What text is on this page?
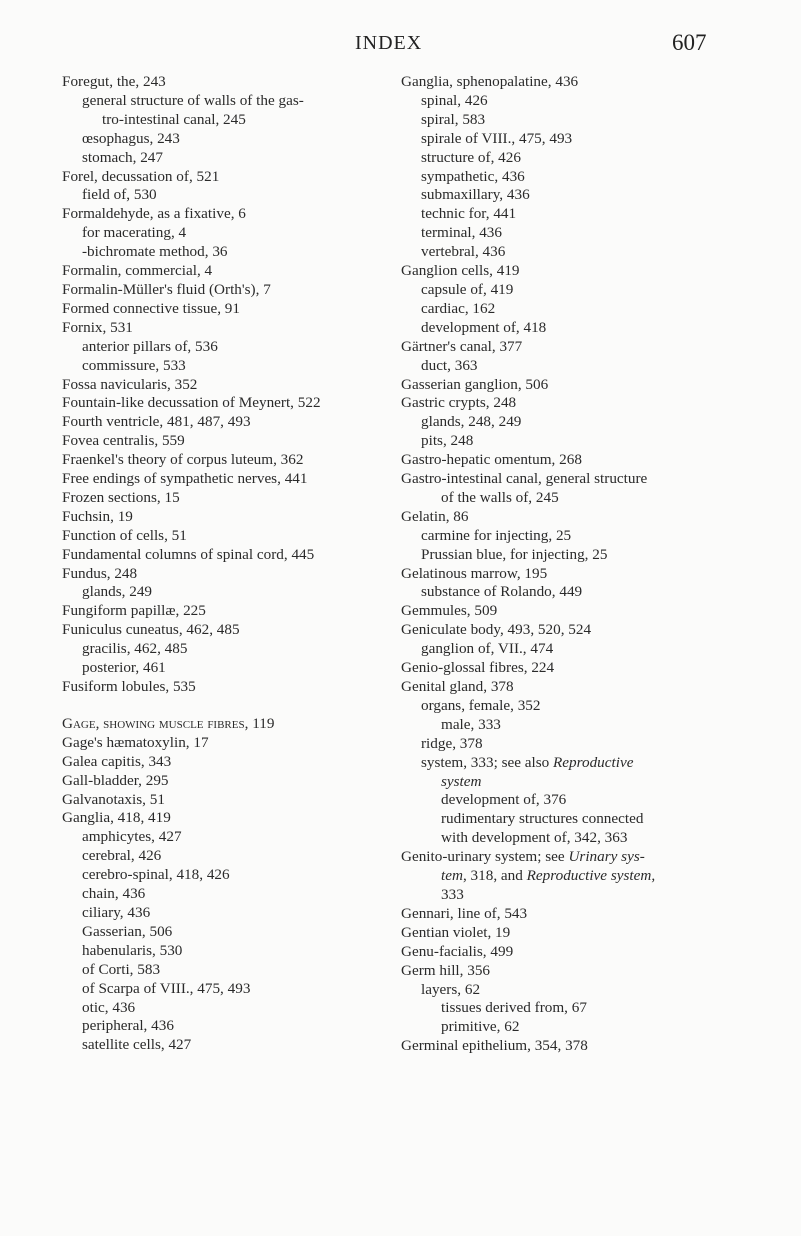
INDEX	607
Foregut, the, 243
general structure of walls of the gas-
tro-intestinal canal, 245
œsophagus, 243
stomach, 247
Forel, decussation of, 521
field of, 530
Formaldehyde, as a fixative, 6
for macerating, 4
-bichromate method, 36
Formalin, commercial, 4
Formalin-Müller's fluid (Orth's), 7
Formed connective tissue, 91
Fornix, 531
anterior pillars of, 536
commissure, 533
Fossa navicularis, 352
Fountain-like decussation of Meynert, 522
Fourth ventricle, 481, 487, 493
Fovea centralis, 559
Fraenkel's theory of corpus luteum, 362
Free endings of sympathetic nerves, 441
Frozen sections, 15
Fuchsin, 19
Function of cells, 51
Fundamental columns of spinal cord, 445
Fundus, 248
glands, 249
Fungiform papillæ, 225
Funiculus cuneatus, 462, 485
gracilis, 462, 485
posterior, 461
Fusiform lobules, 535
Gage, showing muscle fibres, 119
Gage's hæmatoxylin, 17
Galea capitis, 343
Gall-bladder, 295
Galvanotaxis, 51
Ganglia, 418, 419
amphicytes, 427
cerebral, 426
cerebro-spinal, 418, 426
chain, 436
ciliary, 436
Gasserian, 506
habenularis, 530
of Corti, 583
of Scarpa of VIII., 475, 493
otic, 436
peripheral, 436
satellite cells, 427
Ganglia, sphenopalatine, 436
spinal, 426
spiral, 583
spirale of VIII., 475, 493
structure of, 426
sympathetic, 436
submaxillary, 436
technic for, 441
terminal, 436
vertebral, 436
Ganglion cells, 419
capsule of, 419
cardiac, 162
development of, 418
Gärtner's canal, 377
duct, 363
Gasserian ganglion, 506
Gastric crypts, 248
glands, 248, 249
pits, 248
Gastro-hepatic omentum, 268
Gastro-intestinal canal, general structure
of the walls of, 245
Gelatin, 86
carmine for injecting, 25
Prussian blue, for injecting, 25
Gelatinous marrow, 195
substance of Rolando, 449
Gemmules, 509
Geniculate body, 493, 520, 524
ganglion of, VII., 474
Genio-glossal fibres, 224
Genital gland, 378
organs, female, 352
male, 333
ridge, 378
system, 333; see also Reproductive
system
development of, 376
rudimentary structures connected
with development of, 342, 363
Genito-urinary system; see Urinary sys-
tem, 318, and Reproductive system,
333
Gennari, line of, 543
Gentian violet, 19
Genu-facialis, 499
Germ hill, 356
layers, 62
tissues derived from, 67
primitive, 62
Germinal epithelium, 354, 378
